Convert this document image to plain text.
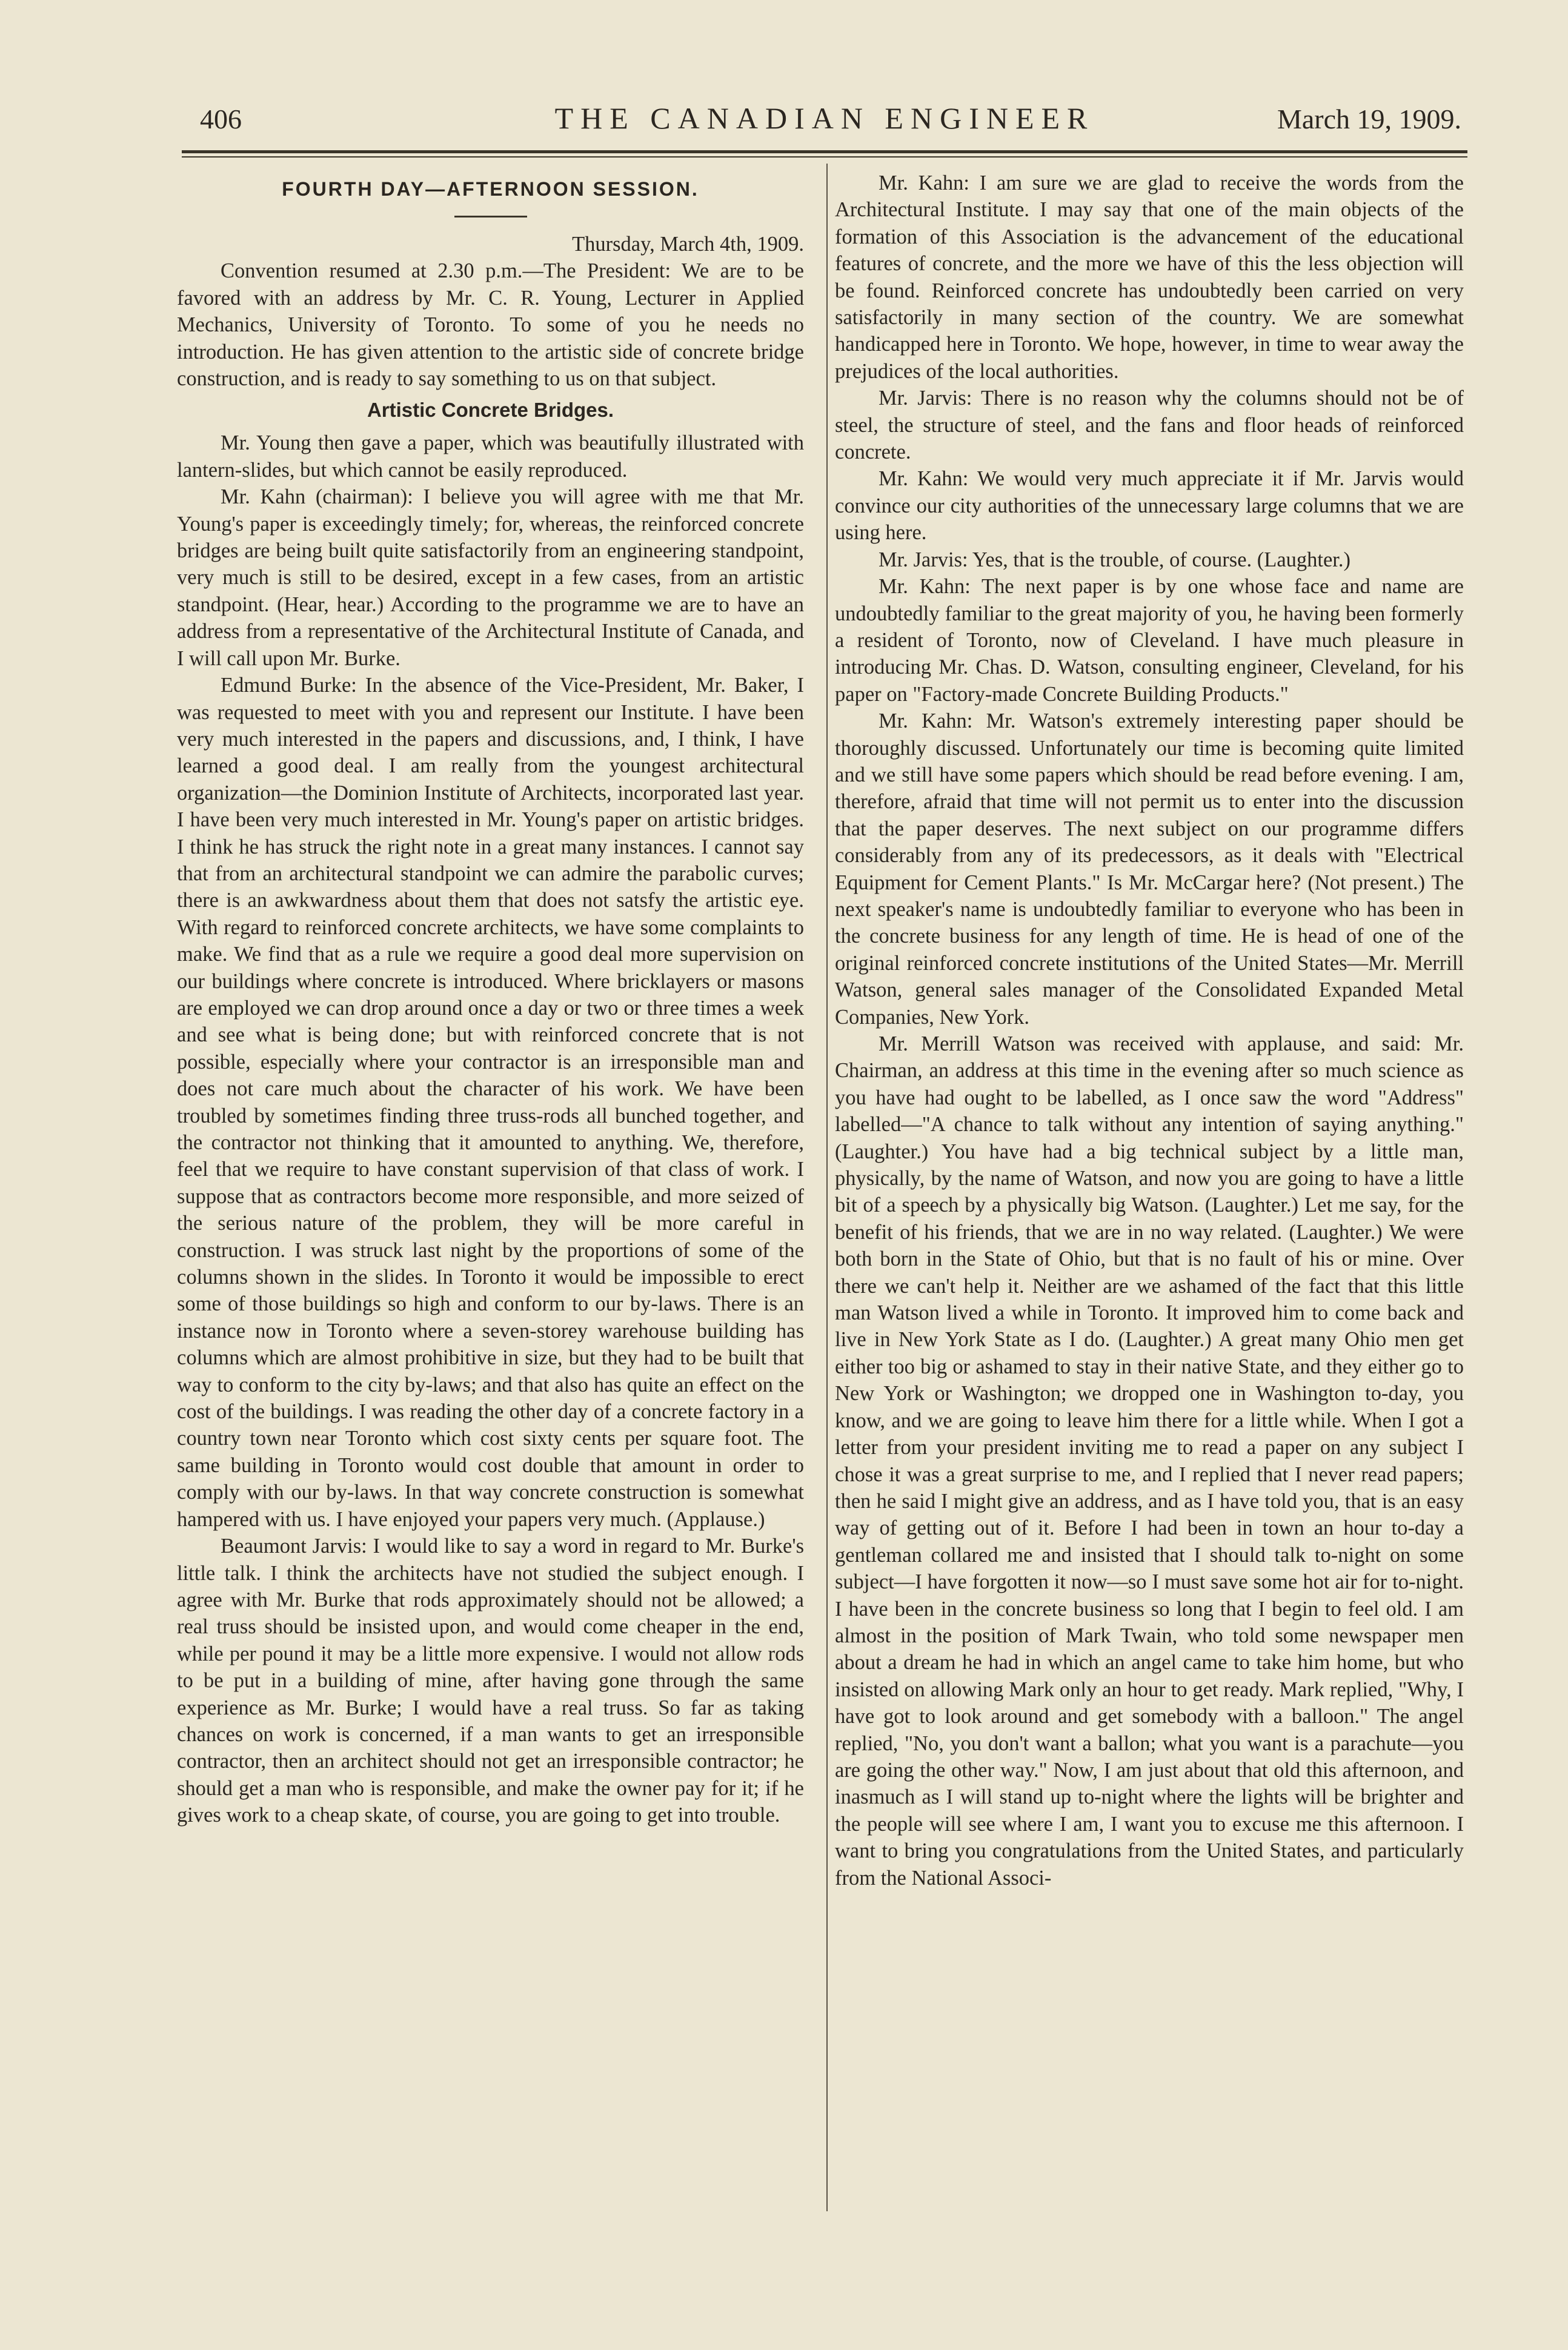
406	THE CANADIAN ENGINEER	March 19, 1909.
FOURTH DAY—AFTERNOON SESSION.

Thursday, March 4th, 1909.

Convention resumed at 2.30 p.m.—The President: We are to be favored with an address by Mr. C. R. Young, Lecturer in Applied Mechanics, University of Toronto. To some of you he needs no introduction. He has given attention to the artistic side of concrete bridge construction, and is ready to say something to us on that subject.

Artistic Concrete Bridges.

Mr. Young then gave a paper, which was beautifully illustrated with lantern-slides, but which cannot be easily reproduced.

Mr. Kahn (chairman): I believe you will agree with me that Mr. Young's paper is exceedingly timely; for, whereas, the reinforced concrete bridges are being built quite satisfactorily from an engineering standpoint, very much is still to be desired, except in a few cases, from an artistic standpoint. (Hear, hear.) According to the programme we are to have an address from a representative of the Architectural Institute of Canada, and I will call upon Mr. Burke.

Edmund Burke: In the absence of the Vice-President, Mr. Baker, I was requested to meet with you and represent our Institute. I have been very much interested in the papers and discussions, and, I think, I have learned a good deal. I am really from the youngest architectural organization—the Dominion Institute of Architects, incorporated last year. I have been very much interested in Mr. Young's paper on artistic bridges. I think he has struck the right note in a great many instances. I cannot say that from an architectural standpoint we can admire the parabolic curves; there is an awkwardness about them that does not satsfy the artistic eye. With regard to reinforced concrete architects, we have some complaints to make. We find that as a rule we require a good deal more supervision on our buildings where concrete is introduced. Where bricklayers or masons are employed we can drop around once a day or two or three times a week and see what is being done; but with reinforced concrete that is not possible, especially where your contractor is an irresponsible man and does not care much about the character of his work. We have been troubled by sometimes finding three truss-rods all bunched together, and the contractor not thinking that it amounted to anything. We, therefore, feel that we require to have constant supervision of that class of work. I suppose that as contractors become more responsible, and more seized of the serious nature of the problem, they will be more careful in construction. I was struck last night by the proportions of some of the columns shown in the slides. In Toronto it would be impossible to erect some of those buildings so high and conform to our by-laws. There is an instance now in Toronto where a seven-storey warehouse building has columns which are almost prohibitive in size, but they had to be built that way to conform to the city by-laws; and that also has quite an effect on the cost of the buildings. I was reading the other day of a concrete factory in a country town near Toronto which cost sixty cents per square foot. The same building in Toronto would cost double that amount in order to comply with our by-laws. In that way concrete construction is somewhat hampered with us. I have enjoyed your papers very much. (Applause.)

Beaumont Jarvis: I would like to say a word in regard to Mr. Burke's little talk. I think the architects have not studied the subject enough. I agree with Mr. Burke that rods approximately should not be allowed; a real truss should be insisted upon, and would come cheaper in the end, while per pound it may be a little more expensive. I would not allow rods to be put in a building of mine, after having gone through the same experience as Mr. Burke; I would have a real truss. So far as taking chances on work is concerned, if a man wants to get an irresponsible contractor, then an architect should not get an irresponsible contractor; he should get a man who is responsible, and make the owner pay for it; if he gives work to a cheap skate, of course, you are going to get into trouble.

Mr. Kahn: I am sure we are glad to receive the words from the Architectural Institute. I may say that one of the main objects of the formation of this Association is the advancement of the educational features of concrete, and the more we have of this the less objection will be found. Reinforced concrete has undoubtedly been carried on very satisfactorily in many section of the country. We are somewhat handicapped here in Toronto. We hope, however, in time to wear away the prejudices of the local authorities.

Mr. Jarvis: There is no reason why the columns should not be of steel, the structure of steel, and the fans and floor heads of reinforced concrete.

Mr. Kahn: We would very much appreciate it if Mr. Jarvis would convince our city authorities of the unnecessary large columns that we are using here.

Mr. Jarvis: Yes, that is the trouble, of course. (Laughter.)

Mr. Kahn: The next paper is by one whose face and name are undoubtedly familiar to the great majority of you, he having been formerly a resident of Toronto, now of Cleveland. I have much pleasure in introducing Mr. Chas. D. Watson, consulting engineer, Cleveland, for his paper on "Factory-made Concrete Building Products."

Mr. Kahn: Mr. Watson's extremely interesting paper should be thoroughly discussed. Unfortunately our time is becoming quite limited and we still have some papers which should be read before evening. I am, therefore, afraid that time will not permit us to enter into the discussion that the paper deserves. The next subject on our programme differs considerably from any of its predecessors, as it deals with "Electrical Equipment for Cement Plants." Is Mr. McCargar here? (Not present.) The next speaker's name is undoubtedly familiar to everyone who has been in the concrete business for any length of time. He is head of one of the original reinforced concrete institutions of the United States—Mr. Merrill Watson, general sales manager of the Consolidated Expanded Metal Companies, New York.

Mr. Merrill Watson was received with applause, and said: Mr. Chairman, an address at this time in the evening after so much science as you have had ought to be labelled, as I once saw the word "Address" labelled—"A chance to talk without any intention of saying anything." (Laughter.) You have had a big technical subject by a little man, physically, by the name of Watson, and now you are going to have a little bit of a speech by a physically big Watson. (Laughter.) Let me say, for the benefit of his friends, that we are in no way related. (Laughter.) We were both born in the State of Ohio, but that is no fault of his or mine. Over there we can't help it. Neither are we ashamed of the fact that this little man Watson lived a while in Toronto. It improved him to come back and live in New York State as I do. (Laughter.) A great many Ohio men get either too big or ashamed to stay in their native State, and they either go to New York or Washington; we dropped one in Washington to-day, you know, and we are going to leave him there for a little while. When I got a letter from your president inviting me to read a paper on any subject I chose it was a great surprise to me, and I replied that I never read papers; then he said I might give an address, and as I have told you, that is an easy way of getting out of it. Before I had been in town an hour to-day a gentleman collared me and insisted that I should talk to-night on some subject—I have forgotten it now—so I must save some hot air for to-night. I have been in the concrete business so long that I begin to feel old. I am almost in the position of Mark Twain, who told some newspaper men about a dream he had in which an angel came to take him home, but who insisted on allowing Mark only an hour to get ready. Mark replied, "Why, I have got to look around and get somebody with a balloon." The angel replied, "No, you don't want a ballon; what you want is a parachute—you are going the other way." Now, I am just about that old this afternoon, and inasmuch as I will stand up to-night where the lights will be brighter and the people will see where I am, I want you to excuse me this afternoon. I want to bring you congratulations from the United States, and particularly from the National Associ-
